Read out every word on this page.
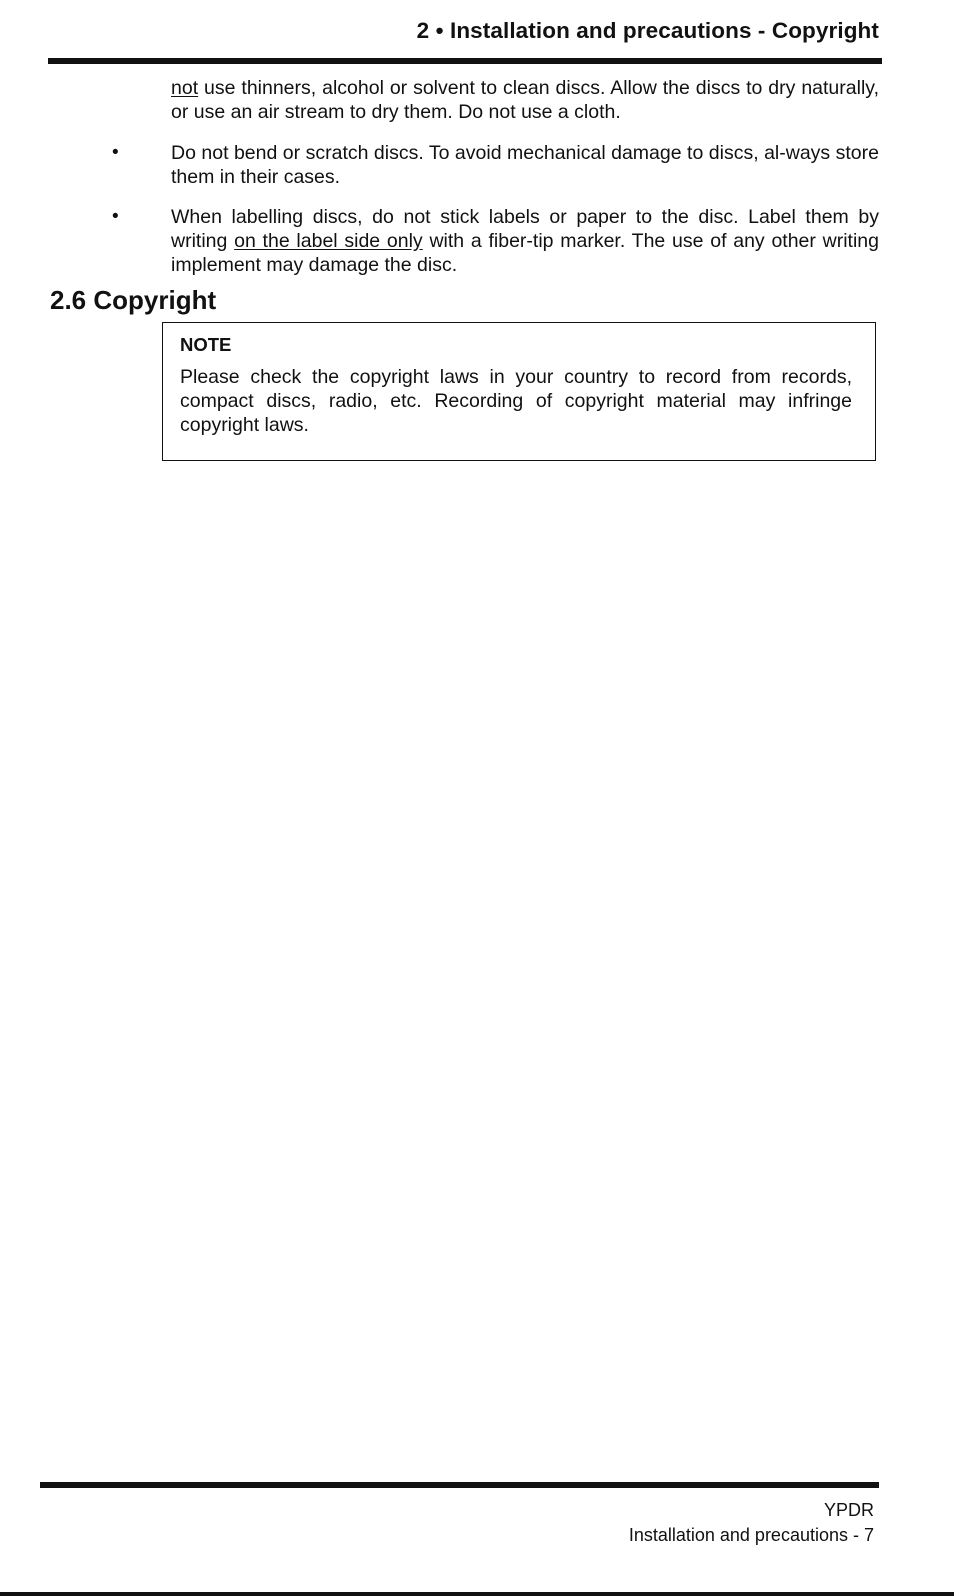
2 • Installation and precautions - Copyright
not use thinners, alcohol or solvent to clean discs. Allow the discs to dry naturally, or use an air stream to dry them. Do not use a cloth.
•	Do not bend or scratch discs. To avoid mechanical damage to discs, al-ways store them in their cases.
•	When labelling discs, do not stick labels or paper to the disc. Label them by writing on the label side only with a fiber-tip marker. The use of any other writing implement may damage the disc.
2.6 Copyright
NOTE
Please check the copyright laws in your country to record from records, compact discs, radio, etc. Recording of copyright material may infringe copyright laws.
YPDR
Installation and precautions - 7
